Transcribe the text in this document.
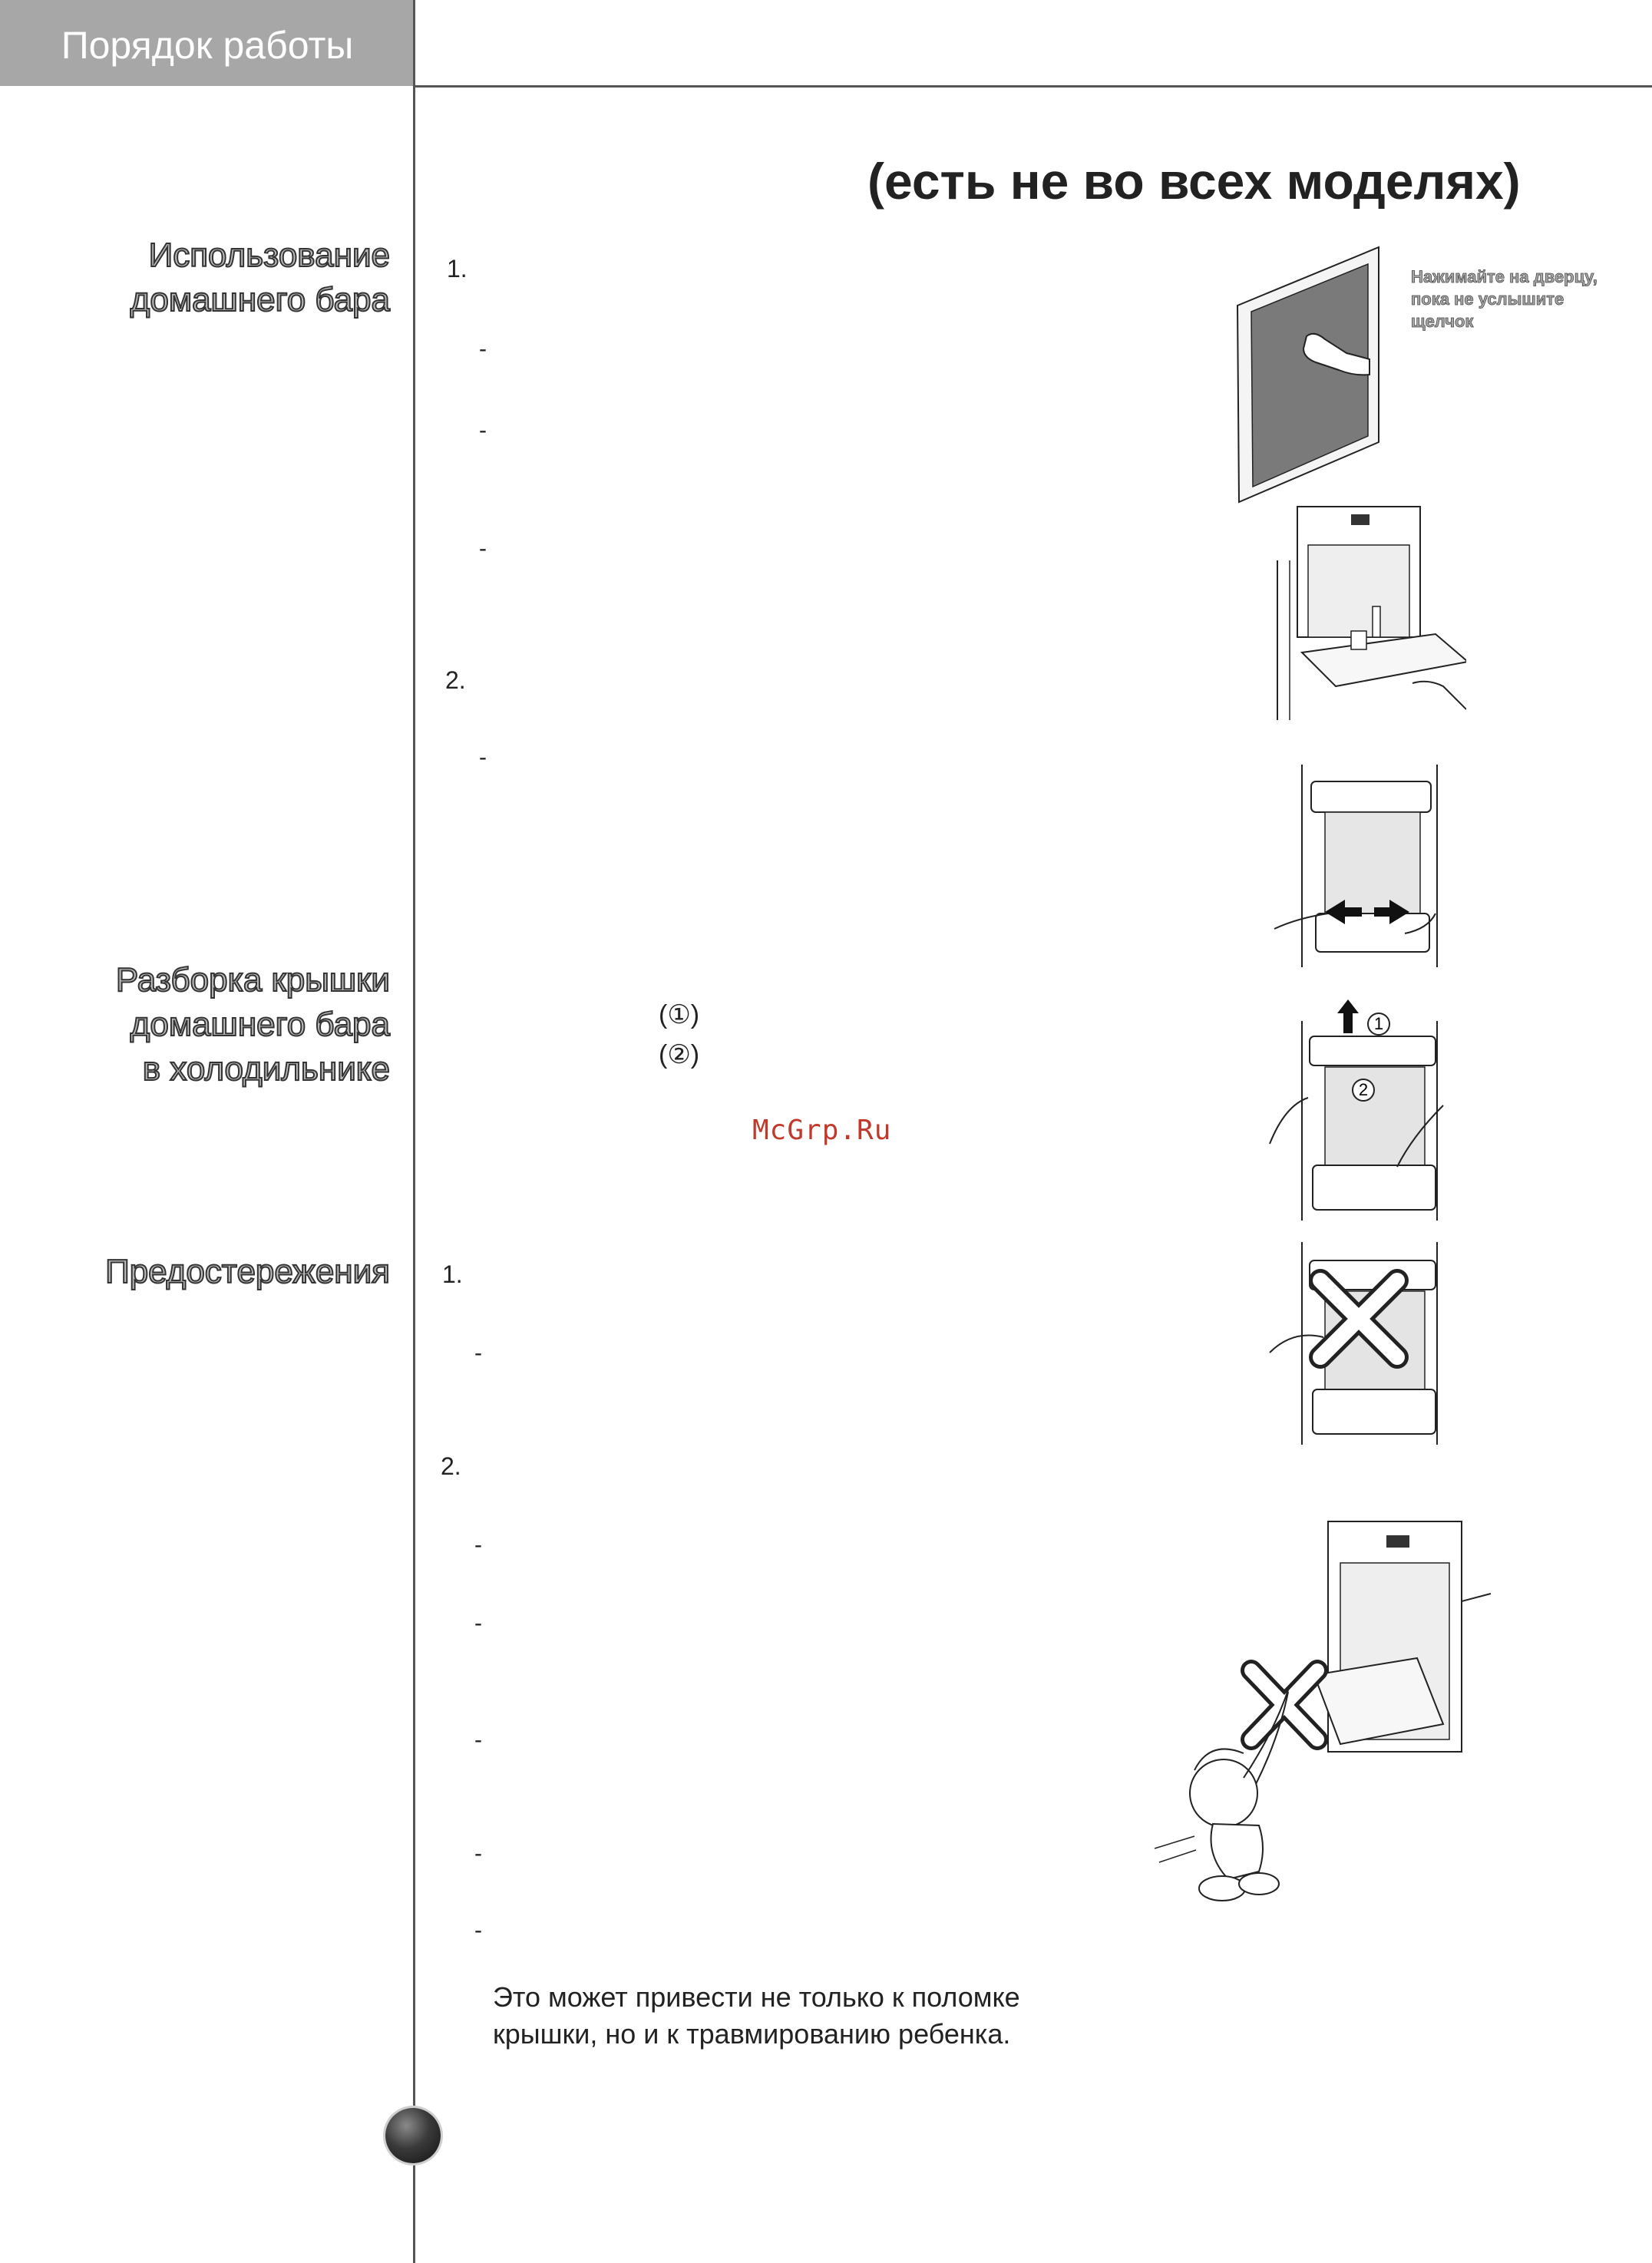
Порядок работы
(есть не во всех моделях)
Использование
домашнего бара
Разборка крышки
домашнего бара
в холодильнике
Предостережения
1.
-
-
-
2.
-
(①)
(②)
McGrp.Ru
1.
-
2.
-
-
-
-
-
Это может привести не только к поломке
крышки, но и к травмированию ребенка.
Нажимайте на дверцу,
пока не услышите
щелчок
1
2
